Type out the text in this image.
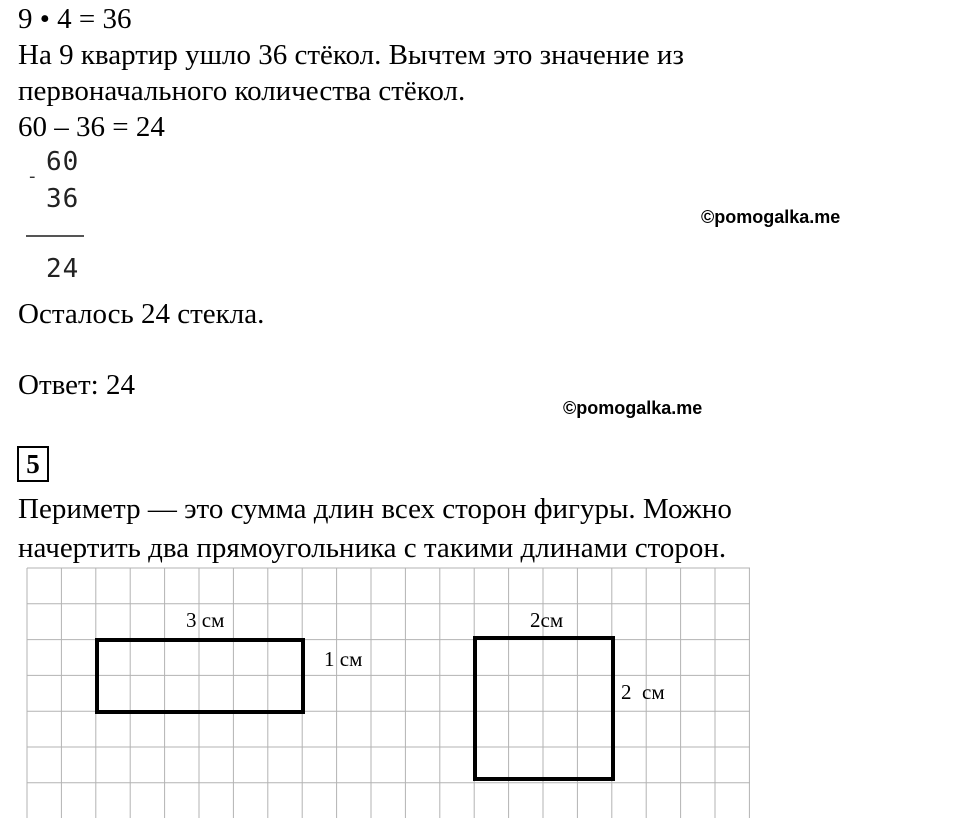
9 • 4 = 36
На 9 квартир ушло 36 стёкол. Вычтем это значение из
первоначального количества стёкол.
60 – 36 = 24
- 60
36
24
©pomogalka.me
Осталось 24 стекла.
Ответ: 24
©pomogalka.me
5
Периметр — это сумма длин всех сторон фигуры. Можно
начертить два прямоугольника с такими длинами сторон.
3 см
1 см
2см
2  см
